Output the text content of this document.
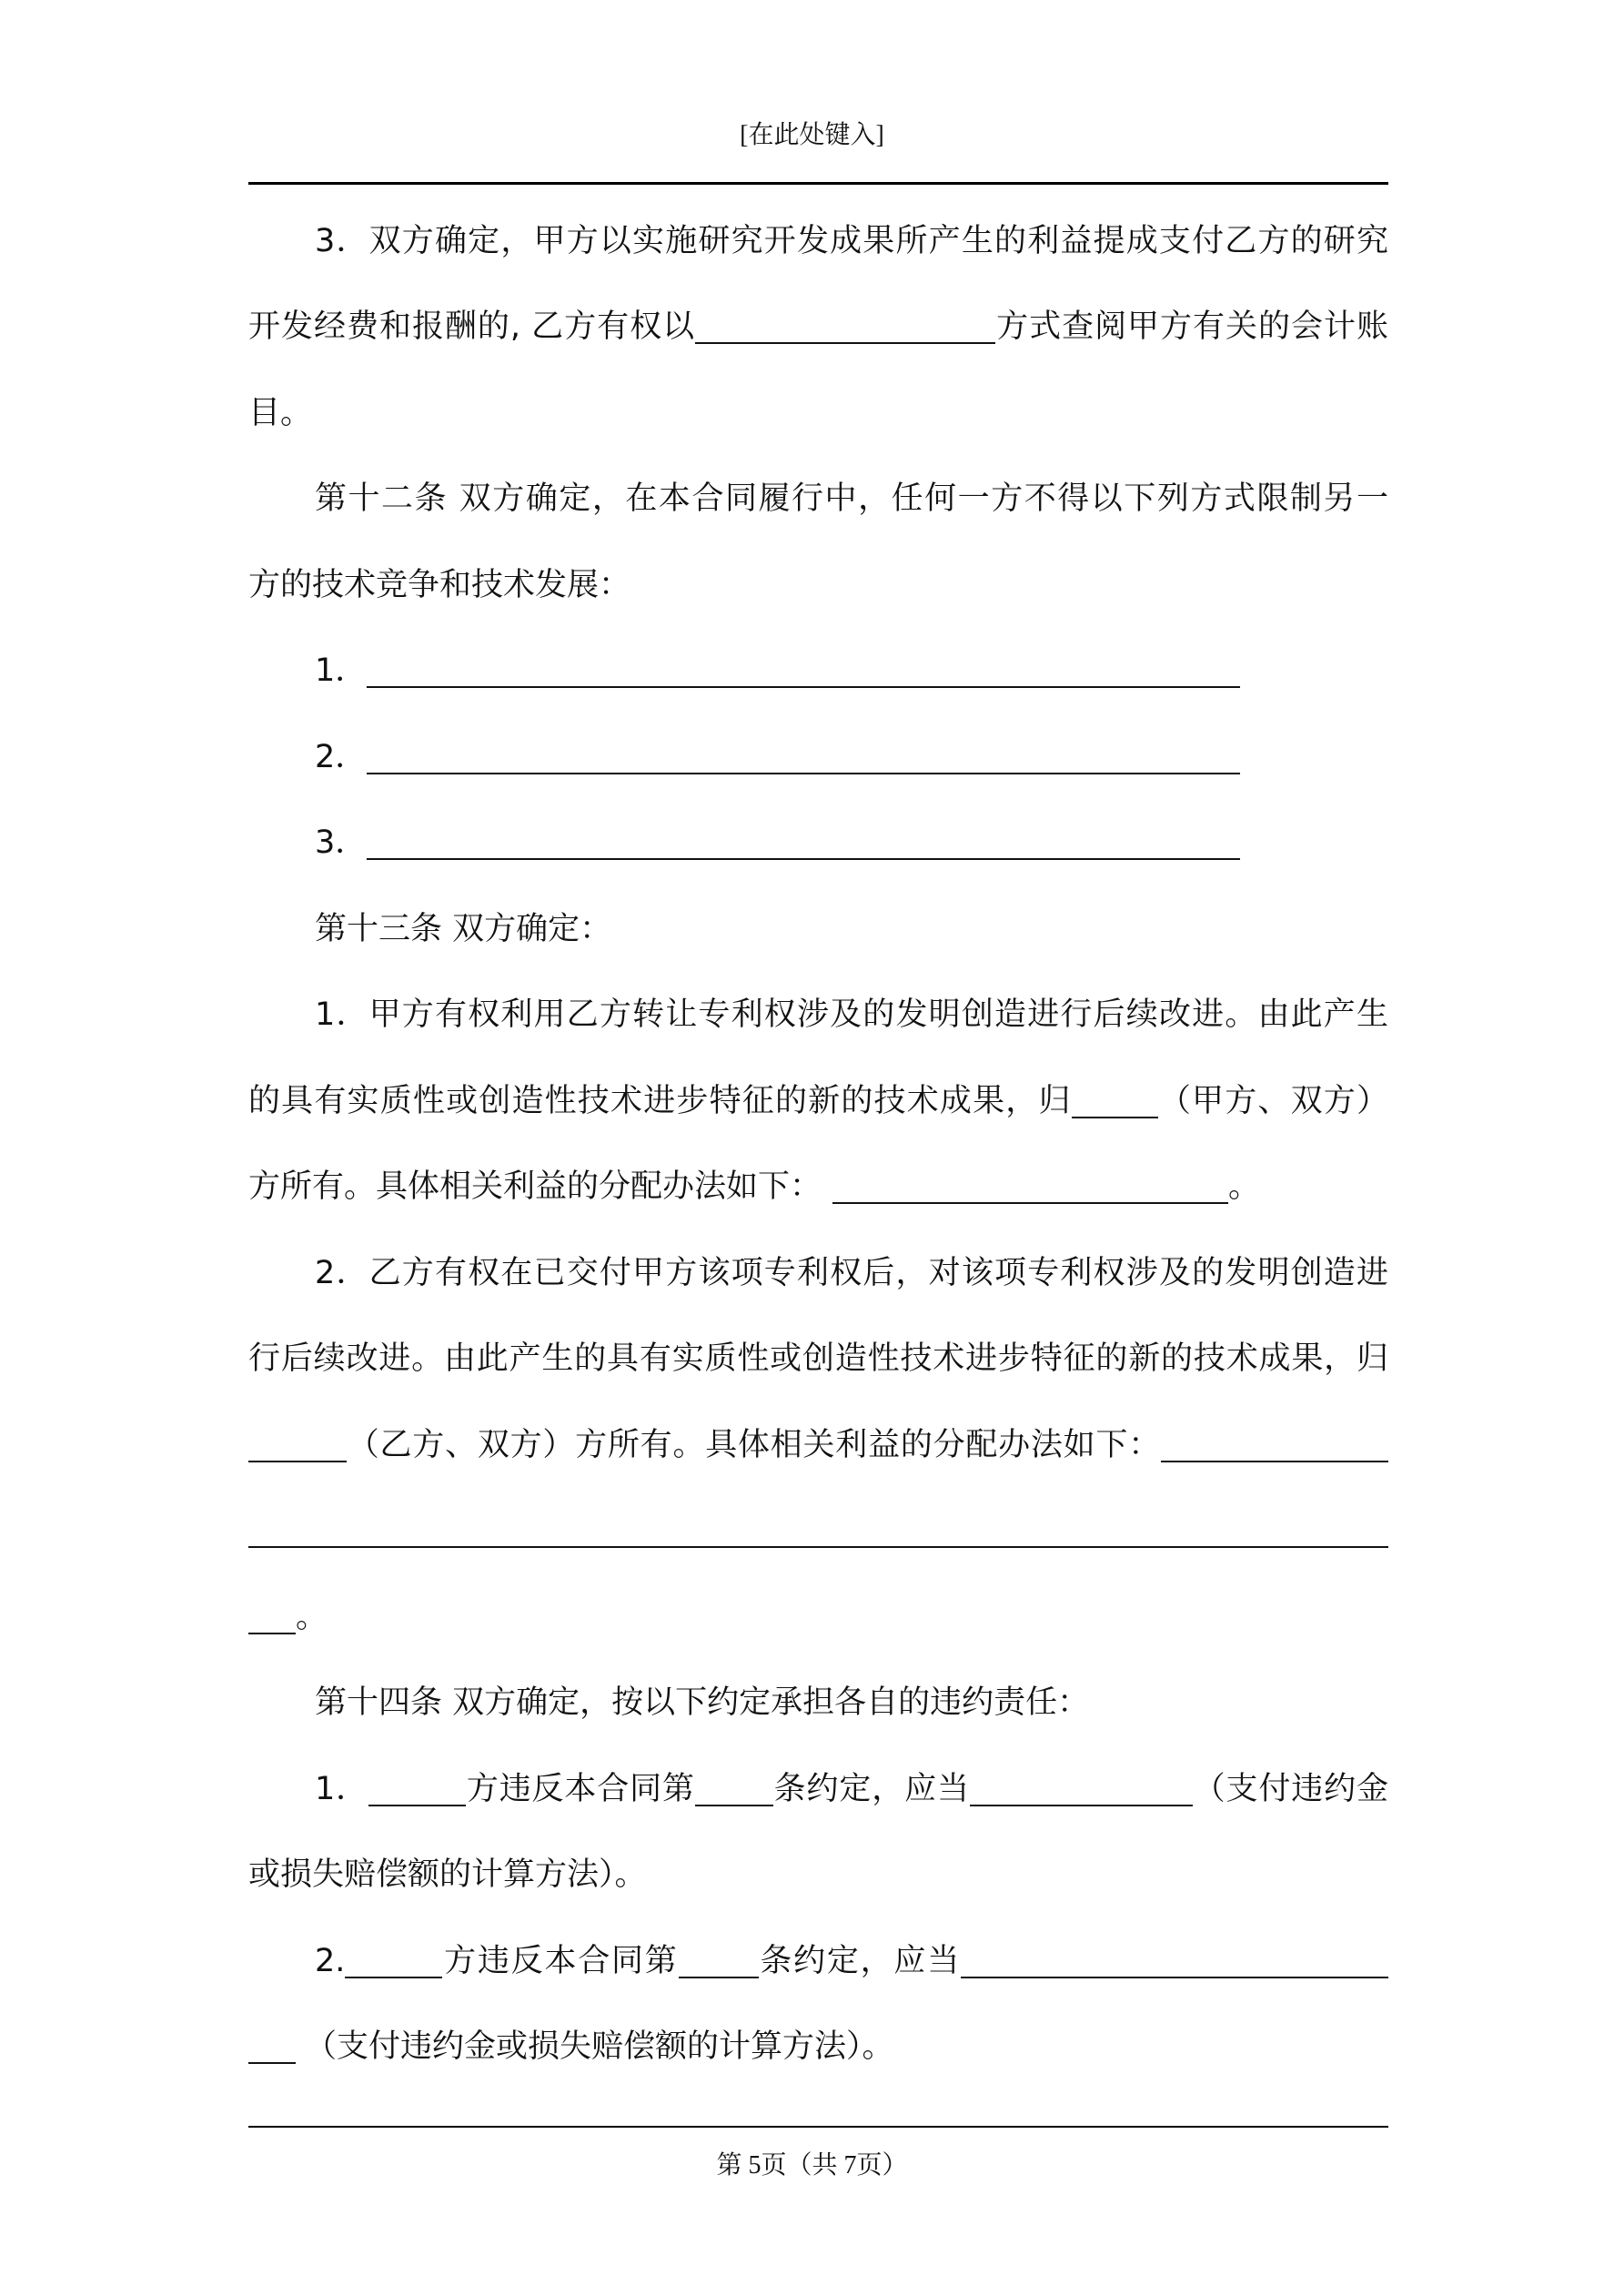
[在此处键入]
3．双方确定，甲方以实施研究开发成果所产生的利益提成支付乙方的研究
开发经费和报酬的, 乙方有权以	方式查阅甲方有关的会计账
目。
第十二条 双方确定，在本合同履行中，任何一方不得以下列方式限制另一
方的技术竞争和技术发展：
1．
2．
3．
第十三条 双方确定：
1．甲方有权利用乙方转让专利权涉及的发明创造进行后续改进。由此产生
的具有实质性或创造性技术进步特征的新的技术成果，归	（甲方、双方）
方所有。具体相关利益的分配办法如下：	。
2．乙方有权在已交付甲方该项专利权后，对该项专利权涉及的发明创造进
行后续改进。由此产生的具有实质性或创造性技术进步特征的新的技术成果，归
（乙方、双方）方所有。具体相关利益的分配办法如下：
。
第十四条 双方确定，按以下约定承担各自的违约责任：
1．	方违反本合同第 条约定，应当	（支付违约金
或损失赔偿额的计算方法）。
2.	方违反本合同第	条约定，应当
（支付违约金或损失赔偿额的计算方法）。
第 5页（共 7页）
